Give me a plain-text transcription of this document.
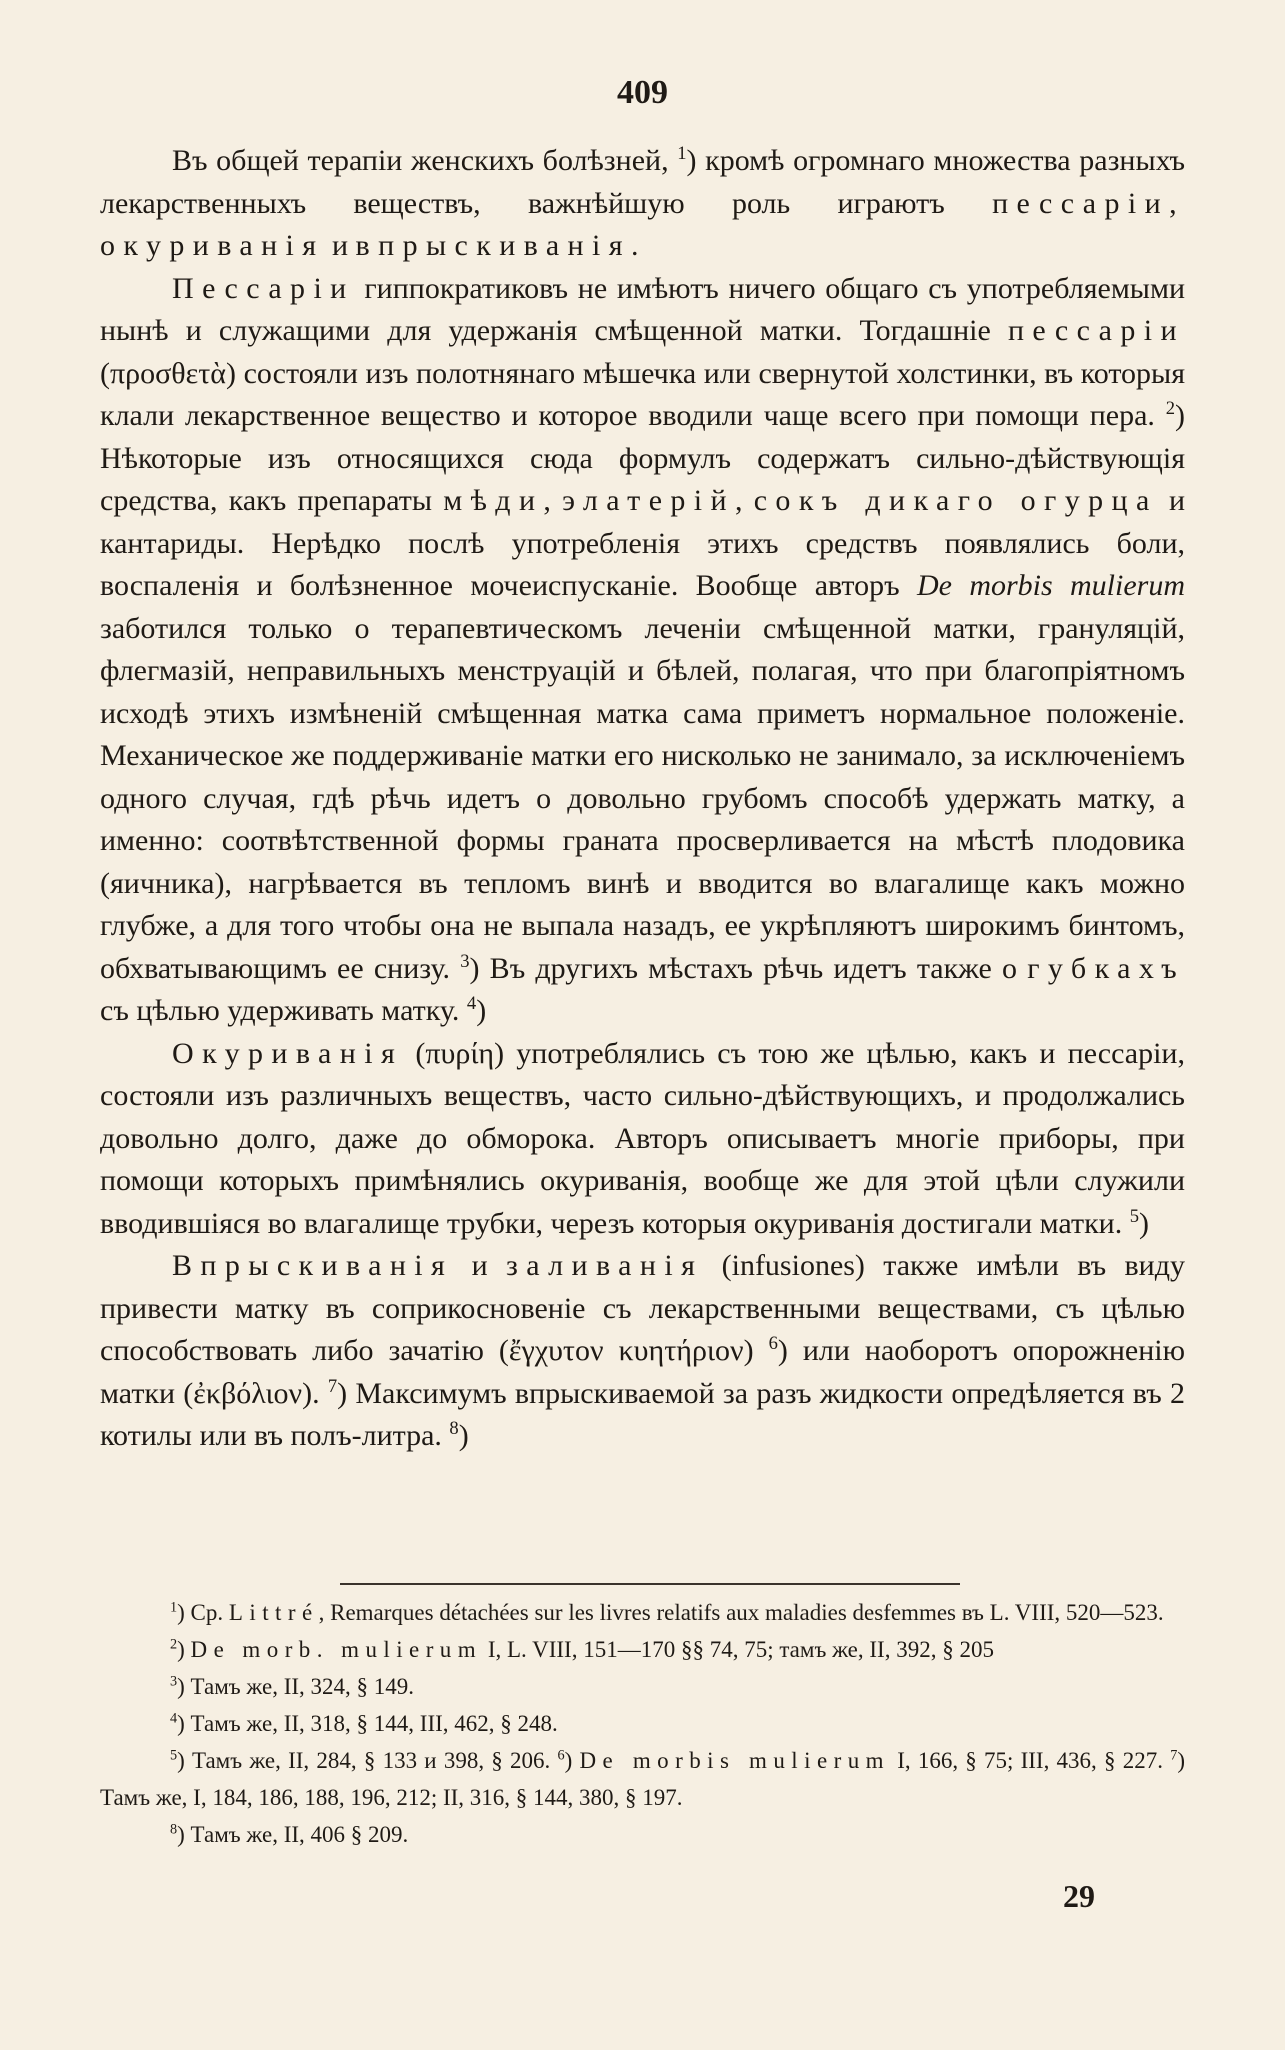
409

Въ общей терапіи женскихъ болѣзней, $^1$) кромѣ огромнаго множества разныхъ лекарственныхъ веществъ, важнѣйшую роль играютъ пессаріи, окуриванія и впрыскиванія.

Пессаріи гиппократиковъ не имѣютъ ничего общаго съ употребляемыми нынѣ и служащими для удержанія смѣщенной матки. Тогдашніе пессаріи (προσθετὰ) состояли изъ полотнянаго мѣшечка или свернутой холстинки, въ которыя клали лекарственное вещество и которое вводили чаще всего при помощи пера. $^2$) Нѣкоторые изъ относящихся сюда формулъ содержатъ сильно-дѣйствующія средства, какъ препараты мѣди, элатерій, сокъ дикаго огурца и кантариды. Нерѣдко послѣ употребленія этихъ средствъ появлялись боли, воспаленія и болѣзненное мочеиспусканіе. Вообще авторъ De morbis mulierum заботился только о терапевтическомъ леченіи смѣщенной матки, грануляцій, флегмазій, неправильныхъ менструацій и бѣлей, полагая, что при благопріятномъ исходѣ этихъ измѣненій смѣщенная матка сама приметъ нормальное положеніе. Механическое же поддерживаніе матки его нисколько не занимало, за исключеніемъ одного случая, гдѣ рѣчь идетъ о довольно грубомъ способѣ удержать матку, а именно: соотвѣтственной формы граната просверливается на мѣстѣ плодовика (яичника), нагрѣвается въ тепломъ винѣ и вводится во влагалище какъ можно глубже, а для того чтобы она не выпала назадъ, ее укрѣпляютъ широкимъ бинтомъ, обхватывающимъ ее снизу. $^3$) Въ другихъ мѣстахъ рѣчь идетъ также о губкахъ съ цѣлью удерживать матку. $^4$)

Окуриванія (πυρίη) употреблялись съ тою же цѣлью, какъ и пессаріи, состояли изъ различныхъ веществъ, часто сильно-дѣйствующихъ, и продолжались довольно долго, даже до обморока. Авторъ описываетъ многіе приборы, при помощи которыхъ примѣнялись окуриванія, вообще же для этой цѣли служили вводившіяся во влагалище трубки, черезъ которыя окуриванія достигали матки. $^5$)

Впрыскиванія и заливанія (infusiones) также имѣли въ виду привести матку въ соприкосновеніе съ лекарственными веществами, съ цѣлью способствовать либо зачатію (ἔγχυτον κυητήριον) $^6$) или наоборотъ опорожненію матки (ἐκβόλιον). $^7$) Максимумъ впрыскиваемой за разъ жидкости опредѣляется въ 2 котилы или въ полъ-литра. $^8$)

$^1$) Ср. Littré, Remarques détachées sur les livres relatifs aux maladies desfemmes въ L. VIII, 520—523.

$^2$) De morb. mulierum I, L. VIII, 151—170 §§ 74, 75; тамъ же, II, 392, § 205

$^3$) Тамъ же, II, 324, § 149.

$^4$) Тамъ же, II, 318, § 144, III, 462, § 248.

$^5$) Тамъ же, II, 284, § 133 и 398, § 206. $^6$) De morbis mulierum I, 166, § 75; III, 436, § 227. $^7$) Тамъ же, I, 184, 186, 188, 196, 212; II, 316, § 144, 380, § 197.

$^8$) Тамъ же, II, 406 § 209.

29
